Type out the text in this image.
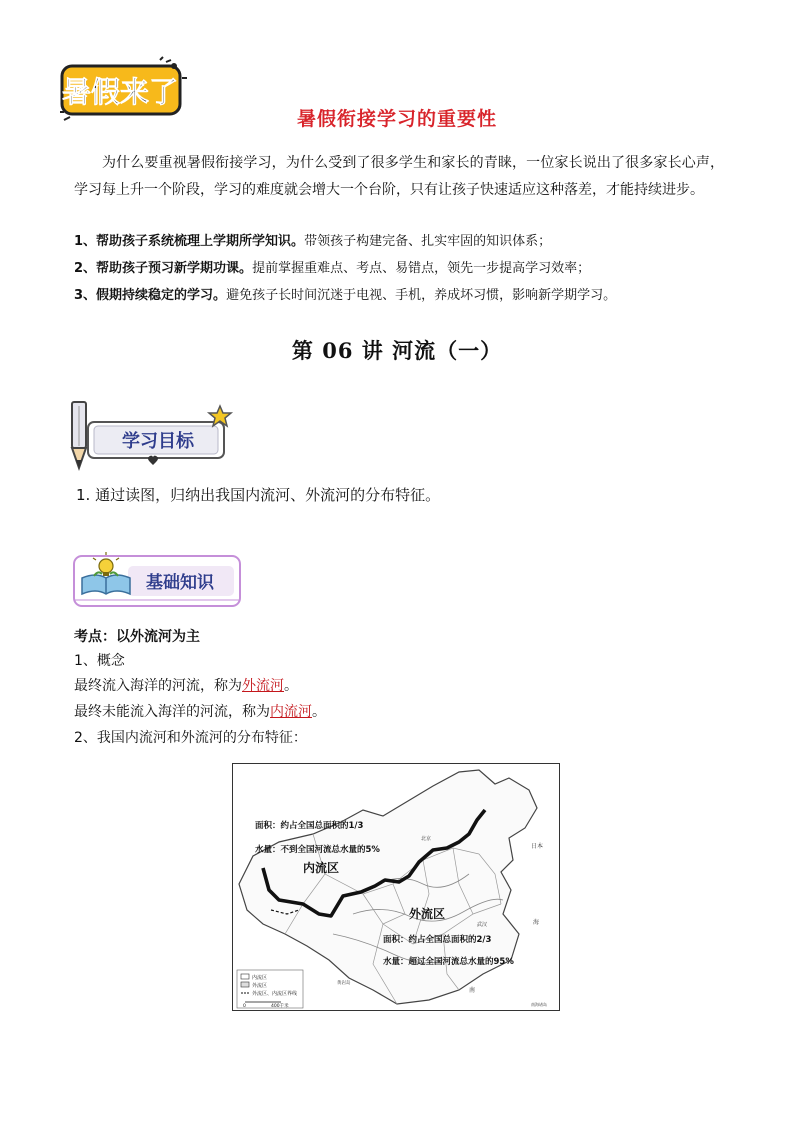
暑假来了
暑假衔接学习的重要性

为什么要重视暑假衔接学习，为什么受到了很多学生和家长的青睐，一位家长说出了很多家长心声，学习每上升一个阶段，学习的难度就会增大一个台阶，只有让孩子快速适应这种落差，才能持续进步。

1、帮助孩子系统梳理上学期所学知识。带领孩子构建完备、扎实牢固的知识体系；
2、帮助孩子预习新学期功课。提前掌握重难点、考点、易错点，领先一步提高学习效率；
3、假期持续稳定的学习。避免孩子长时间沉迷于电视、手机，养成坏习惯，影响新学期学习。
第 06 讲 河流（一）
学习目标
1. 通过读图，归纳出我国内流河、外流河的分布特征。
基础知识
考点：以外流河为主
1、概念
最终流入海洋的河流，称为外流河。
最终未能流入海洋的河流，称为内流河。
2、我国内流河和外流河的分布特征：
面积：约占全国总面积的1/3
水量：不到全国河流总水量的5%
内流区
外流区
面积：约占全国总面积的2/3
水量：超过全国河流总水量的95%
北京
武汉
日本
海
南
黄岩岛
南海诸岛
内流区
外流区
外流区、内流区界线
0	400千米
